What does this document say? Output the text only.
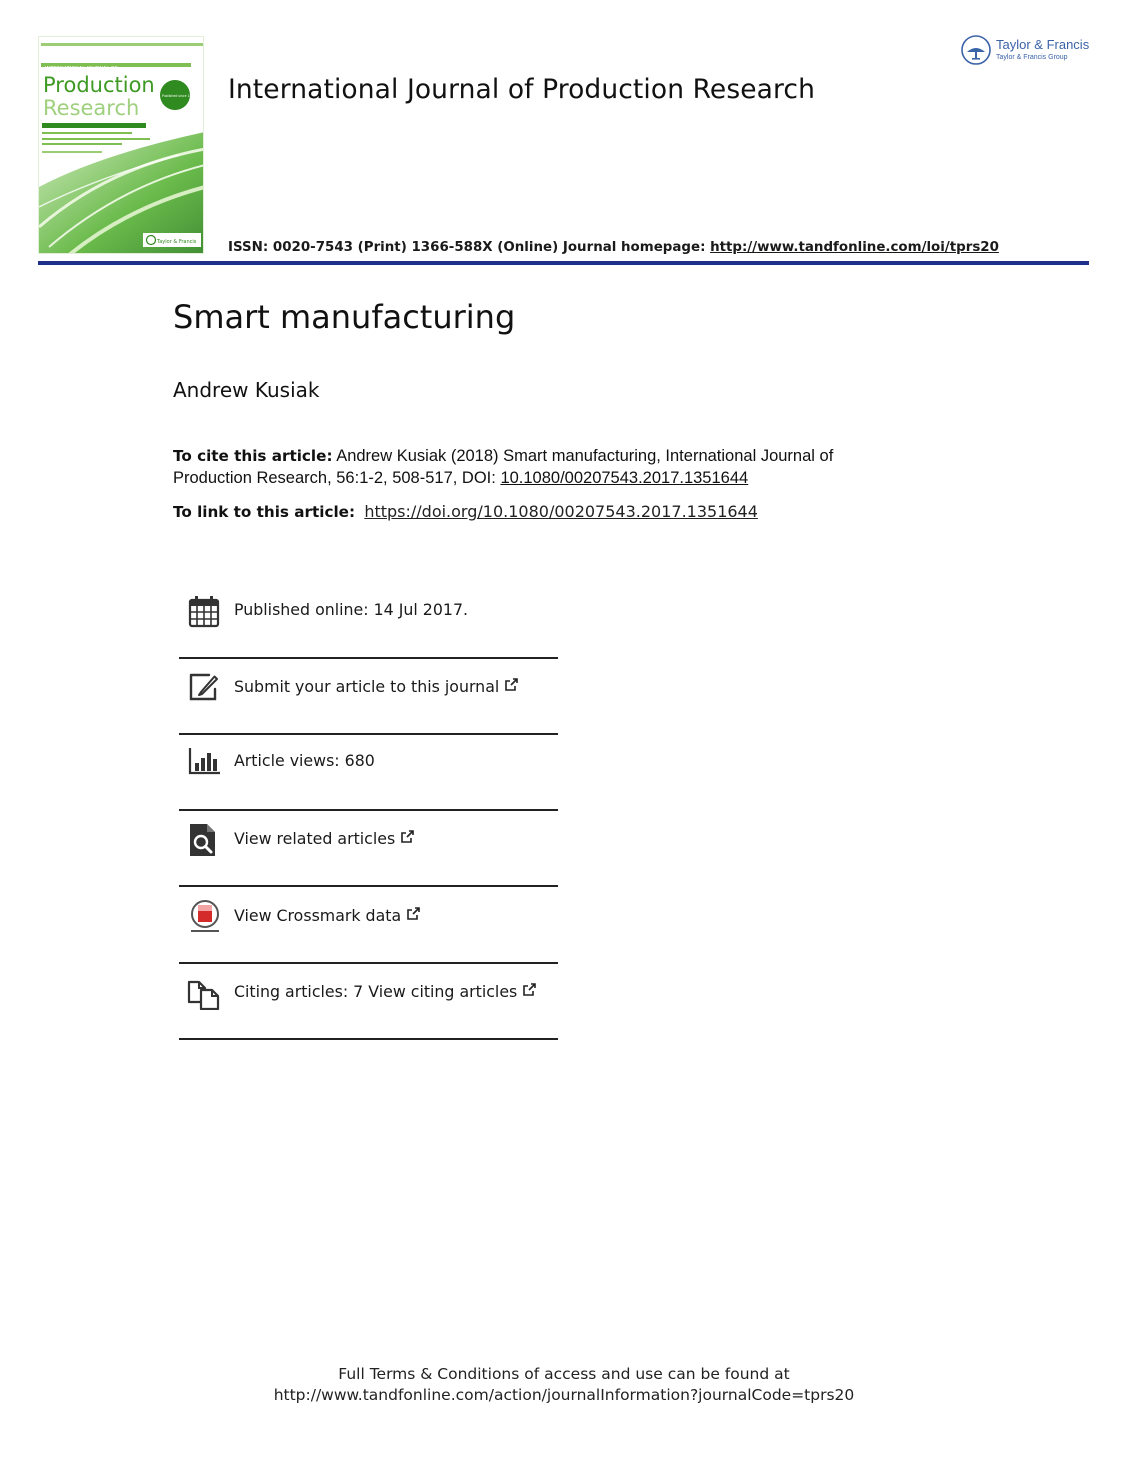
INTERNATIONAL JOURNAL OF
Production
Research	Published since 1961
Taylor & Francis
International Journal of Production Research
Taylor & Francis
Taylor & Francis Group
ISSN: 0020-7543 (Print) 1366-588X (Online) Journal homepage: http://www.tandfonline.com/loi/tprs20
Smart manufacturing
Andrew Kusiak
To cite this article: Andrew Kusiak (2018) Smart manufacturing, International Journal of Production Research, 56:1-2, 508-517, DOI: 10.1080/00207543.2017.1351644
To link to this article: https://doi.org/10.1080/00207543.2017.1351644
Published online: 14 Jul 2017.
Submit your article to this journal
Article views: 680
View related articles
View Crossmark data
Citing articles: 7 View citing articles
Full Terms & Conditions of access and use can be found at
http://www.tandfonline.com/action/journalInformation?journalCode=tprs20
